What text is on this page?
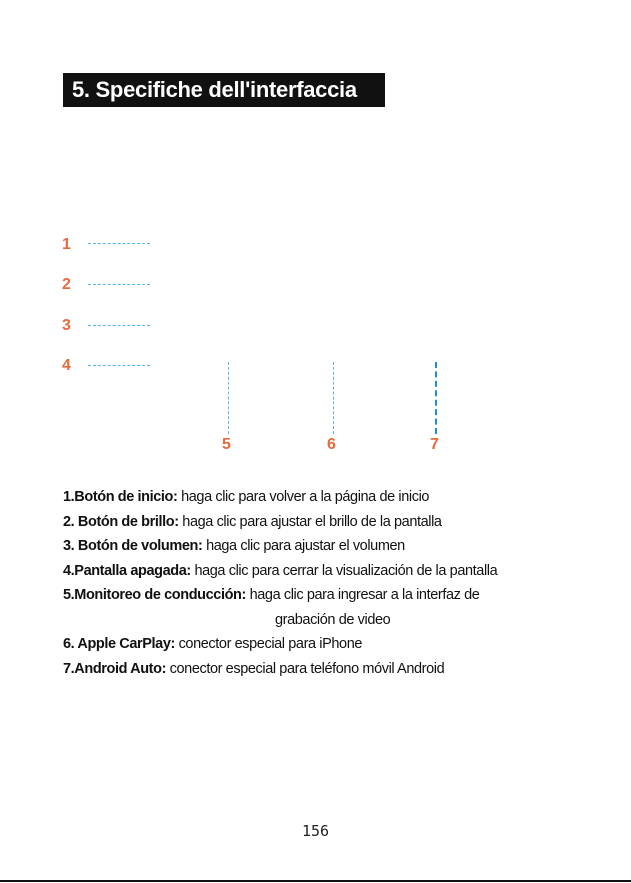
5. Specifiche dell'interfaccia
1
2
3
4
5	6	7
1.Botón de inicio: haga clic para volver a la página de inicio
2. Botón de brillo: haga clic para ajustar el brillo de la pantalla
3. Botón de volumen: haga clic para ajustar el volumen
4.Pantalla apagada: haga clic para cerrar la visualización de la pantalla
5.Monitoreo de conducción: haga clic para ingresar a la interfaz de
grabación de video
6. Apple CarPlay: conector especial para iPhone
7.Android Auto: conector especial para teléfono móvil Android
156
